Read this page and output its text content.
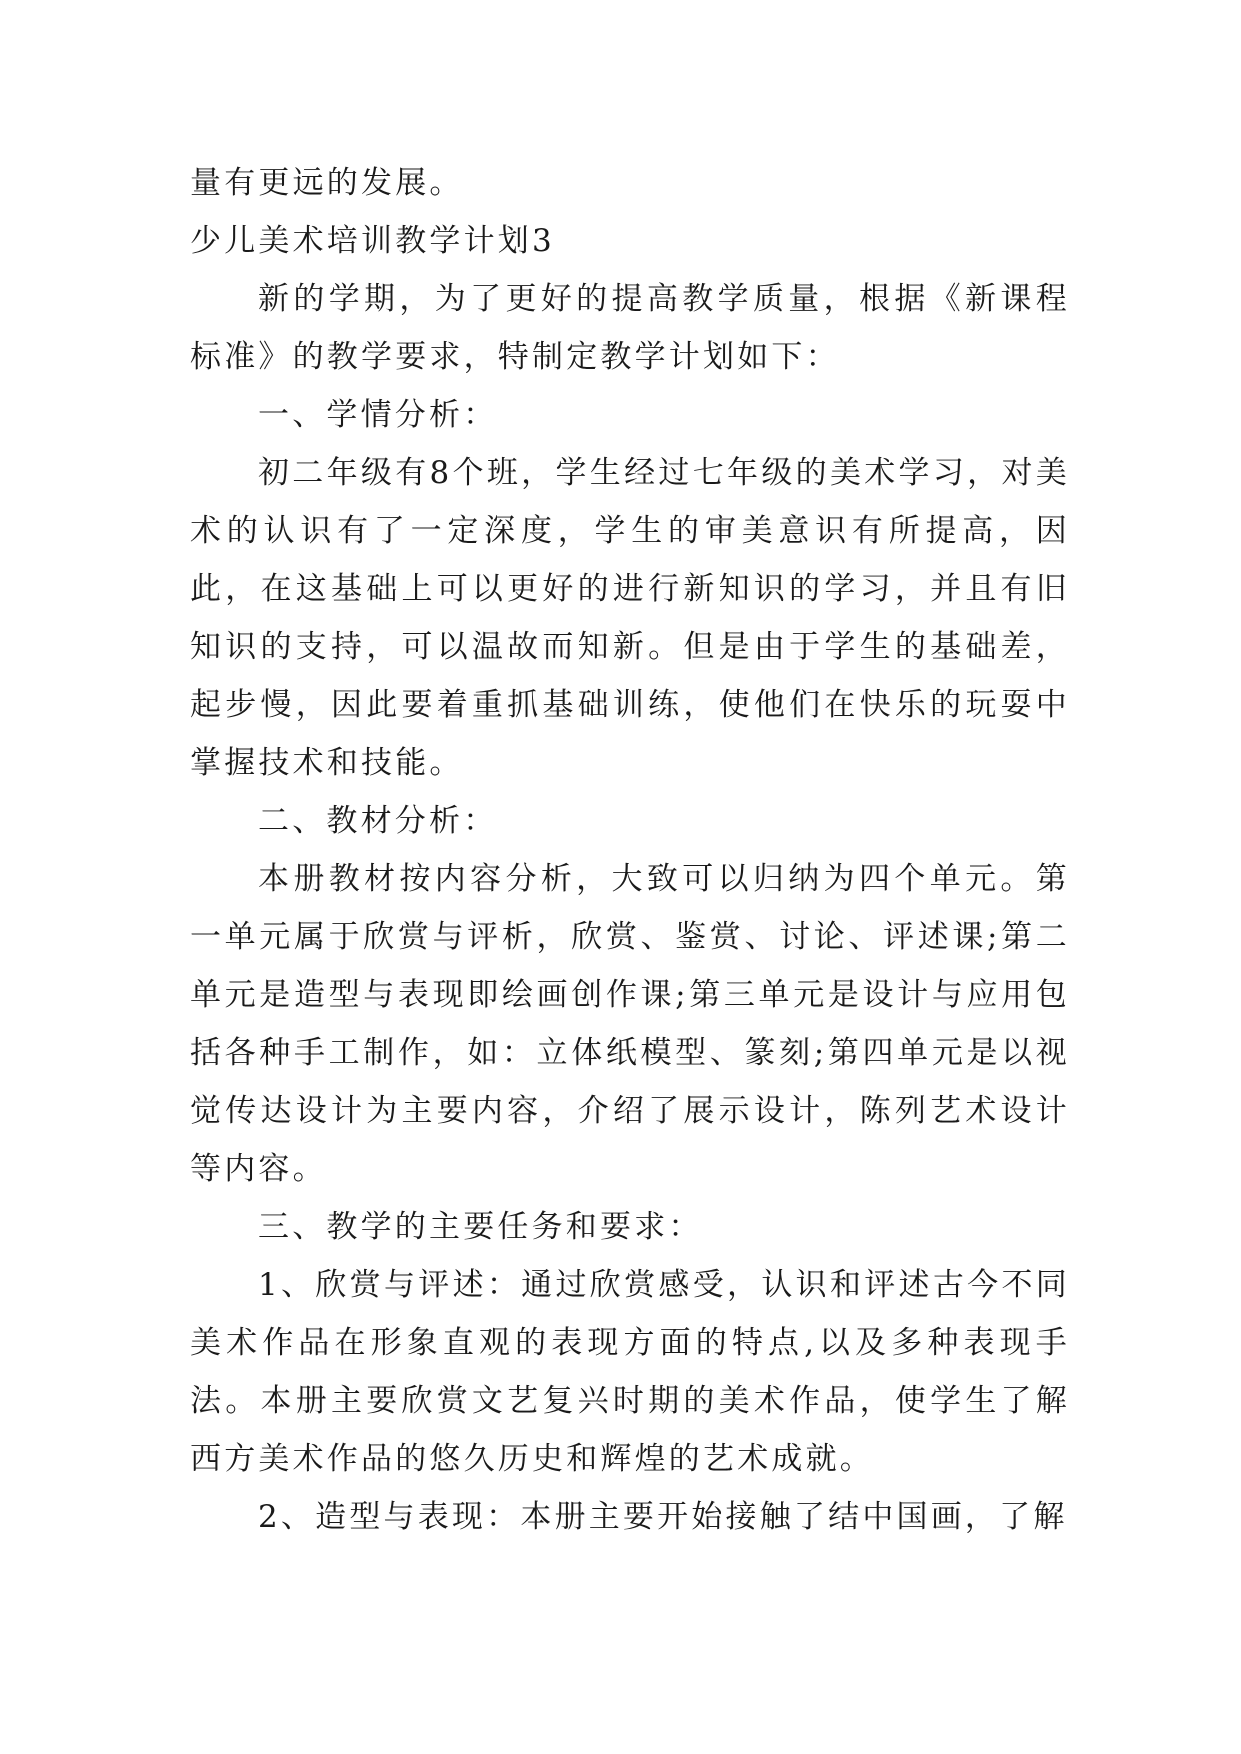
量有更远的发展。

少儿美术培训教学计划3

新的学期，为了更好的提高教学质量，根据《新课程标准》的教学要求，特制定教学计划如下：

一、学情分析：

初二年级有8个班，学生经过七年级的美术学习，对美术的认识有了一定深度，学生的审美意识有所提高，因此，在这基础上可以更好的进行新知识的学习，并且有旧知识的支持，可以温故而知新。但是由于学生的基础差，起步慢，因此要着重抓基础训练，使他们在快乐的玩耍中掌握技术和技能。

二、教材分析：

本册教材按内容分析，大致可以归纳为四个单元。第一单元属于欣赏与评析，欣赏、鉴赏、讨论、评述课;第二单元是造型与表现即绘画创作课;第三单元是设计与应用包括各种手工制作，如：立体纸模型、篆刻;第四单元是以视觉传达设计为主要内容，介绍了展示设计，陈列艺术设计等内容。

三、教学的主要任务和要求：

1、欣赏与评述：通过欣赏感受，认识和评述古今不同美术作品在形象直观的表现方面的特点,以及多种表现手法。本册主要欣赏文艺复兴时期的美术作品，使学生了解西方美术作品的悠久历史和辉煌的艺术成就。

2、造型与表现：本册主要开始接触了结中国画，了解
